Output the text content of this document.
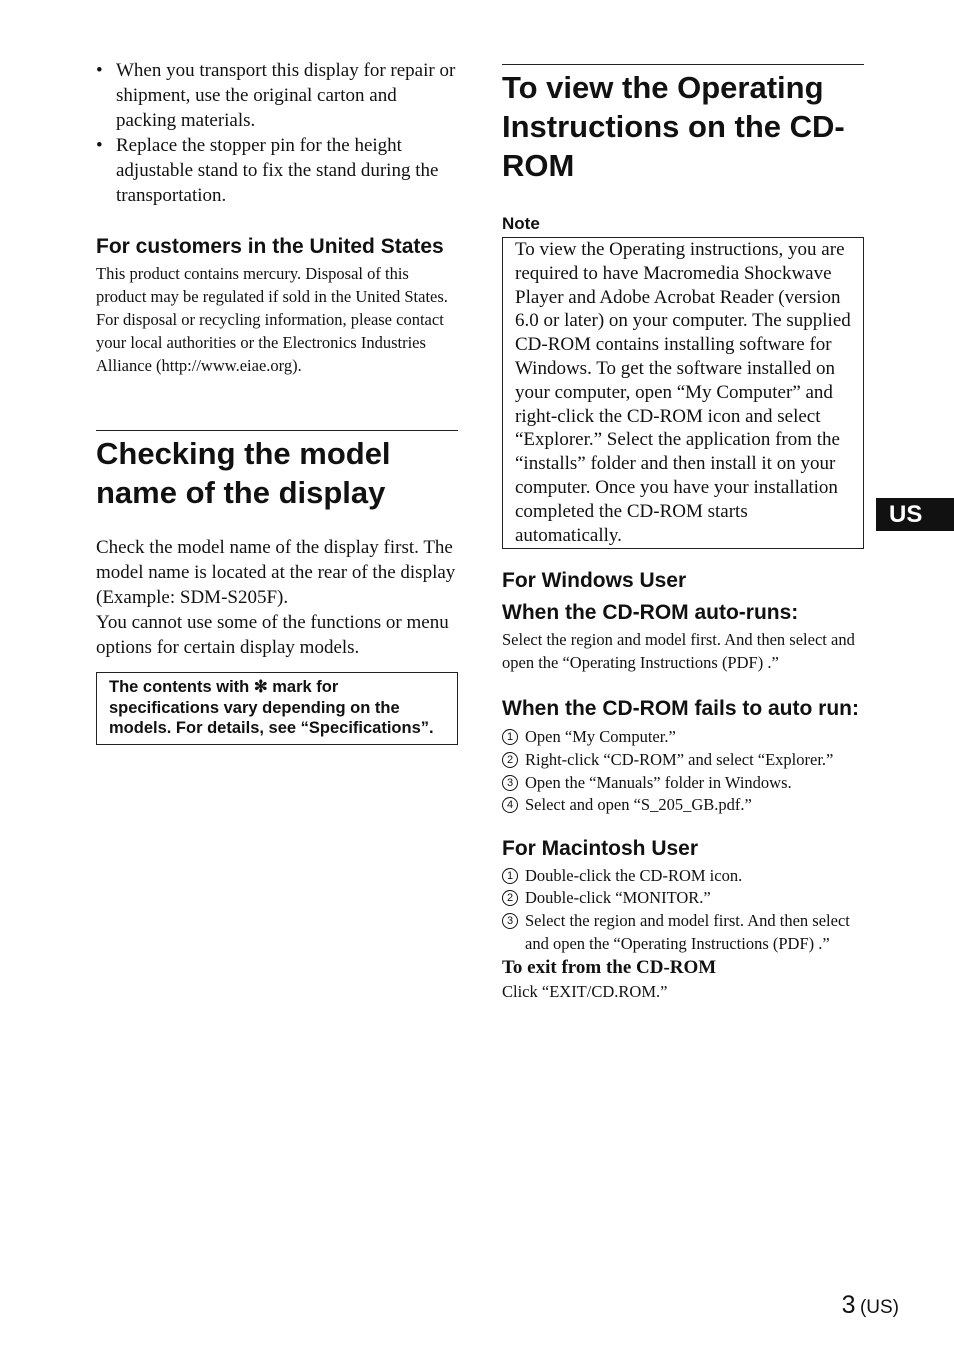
• When you transport this display for repair or shipment, use the original carton and packing materials.
• Replace the stopper pin for the height adjustable stand to fix the stand during the transportation.
For customers in the United States

This product contains mercury. Disposal of this product may be regulated if sold in the United States. For disposal or recycling information, please contact your local authorities or the Electronics Industries Alliance (http://www.eiae.org).

Checking the model name of the display

Check the model name of the display first. The model name is located at the rear of the display (Example: SDM-S205F).

You cannot use some of the functions or menu options for certain display models.

The contents with ✻ mark for specifications vary depending on the models. For details, see “Specifications”.

To view the Operating Instructions on the CD-ROM

Note

To view the Operating instructions, you are required to have Macromedia Shockwave Player and Adobe Acrobat Reader (version 6.0 or later) on your computer. The supplied CD-ROM contains installing software for Windows. To get the software installed on your computer, open “My Computer” and right-click the CD-ROM icon and select “Explorer.” Select the application from the “installs” folder and then install it on your computer. Once you have your installation completed the CD-ROM starts automatically.

For Windows User
When the CD-ROM auto-runs:

Select the region and model first. And then select and open the “Operating Instructions (PDF) .”

When the CD-ROM fails to auto run:
1 Open “My Computer.”
2 Right-click “CD-ROM” and select “Explorer.”
3 Open the “Manuals” folder in Windows.
4 Select and open “S_205_GB.pdf.”
For Macintosh User
1 Double-click the CD-ROM icon.
2 Double-click “MONITOR.”
3 Select the region and model first. And then select and open the “Operating Instructions (PDF) .”

To exit from the CD-ROM

Click “EXIT/CD.ROM.”

US
3 (US)
